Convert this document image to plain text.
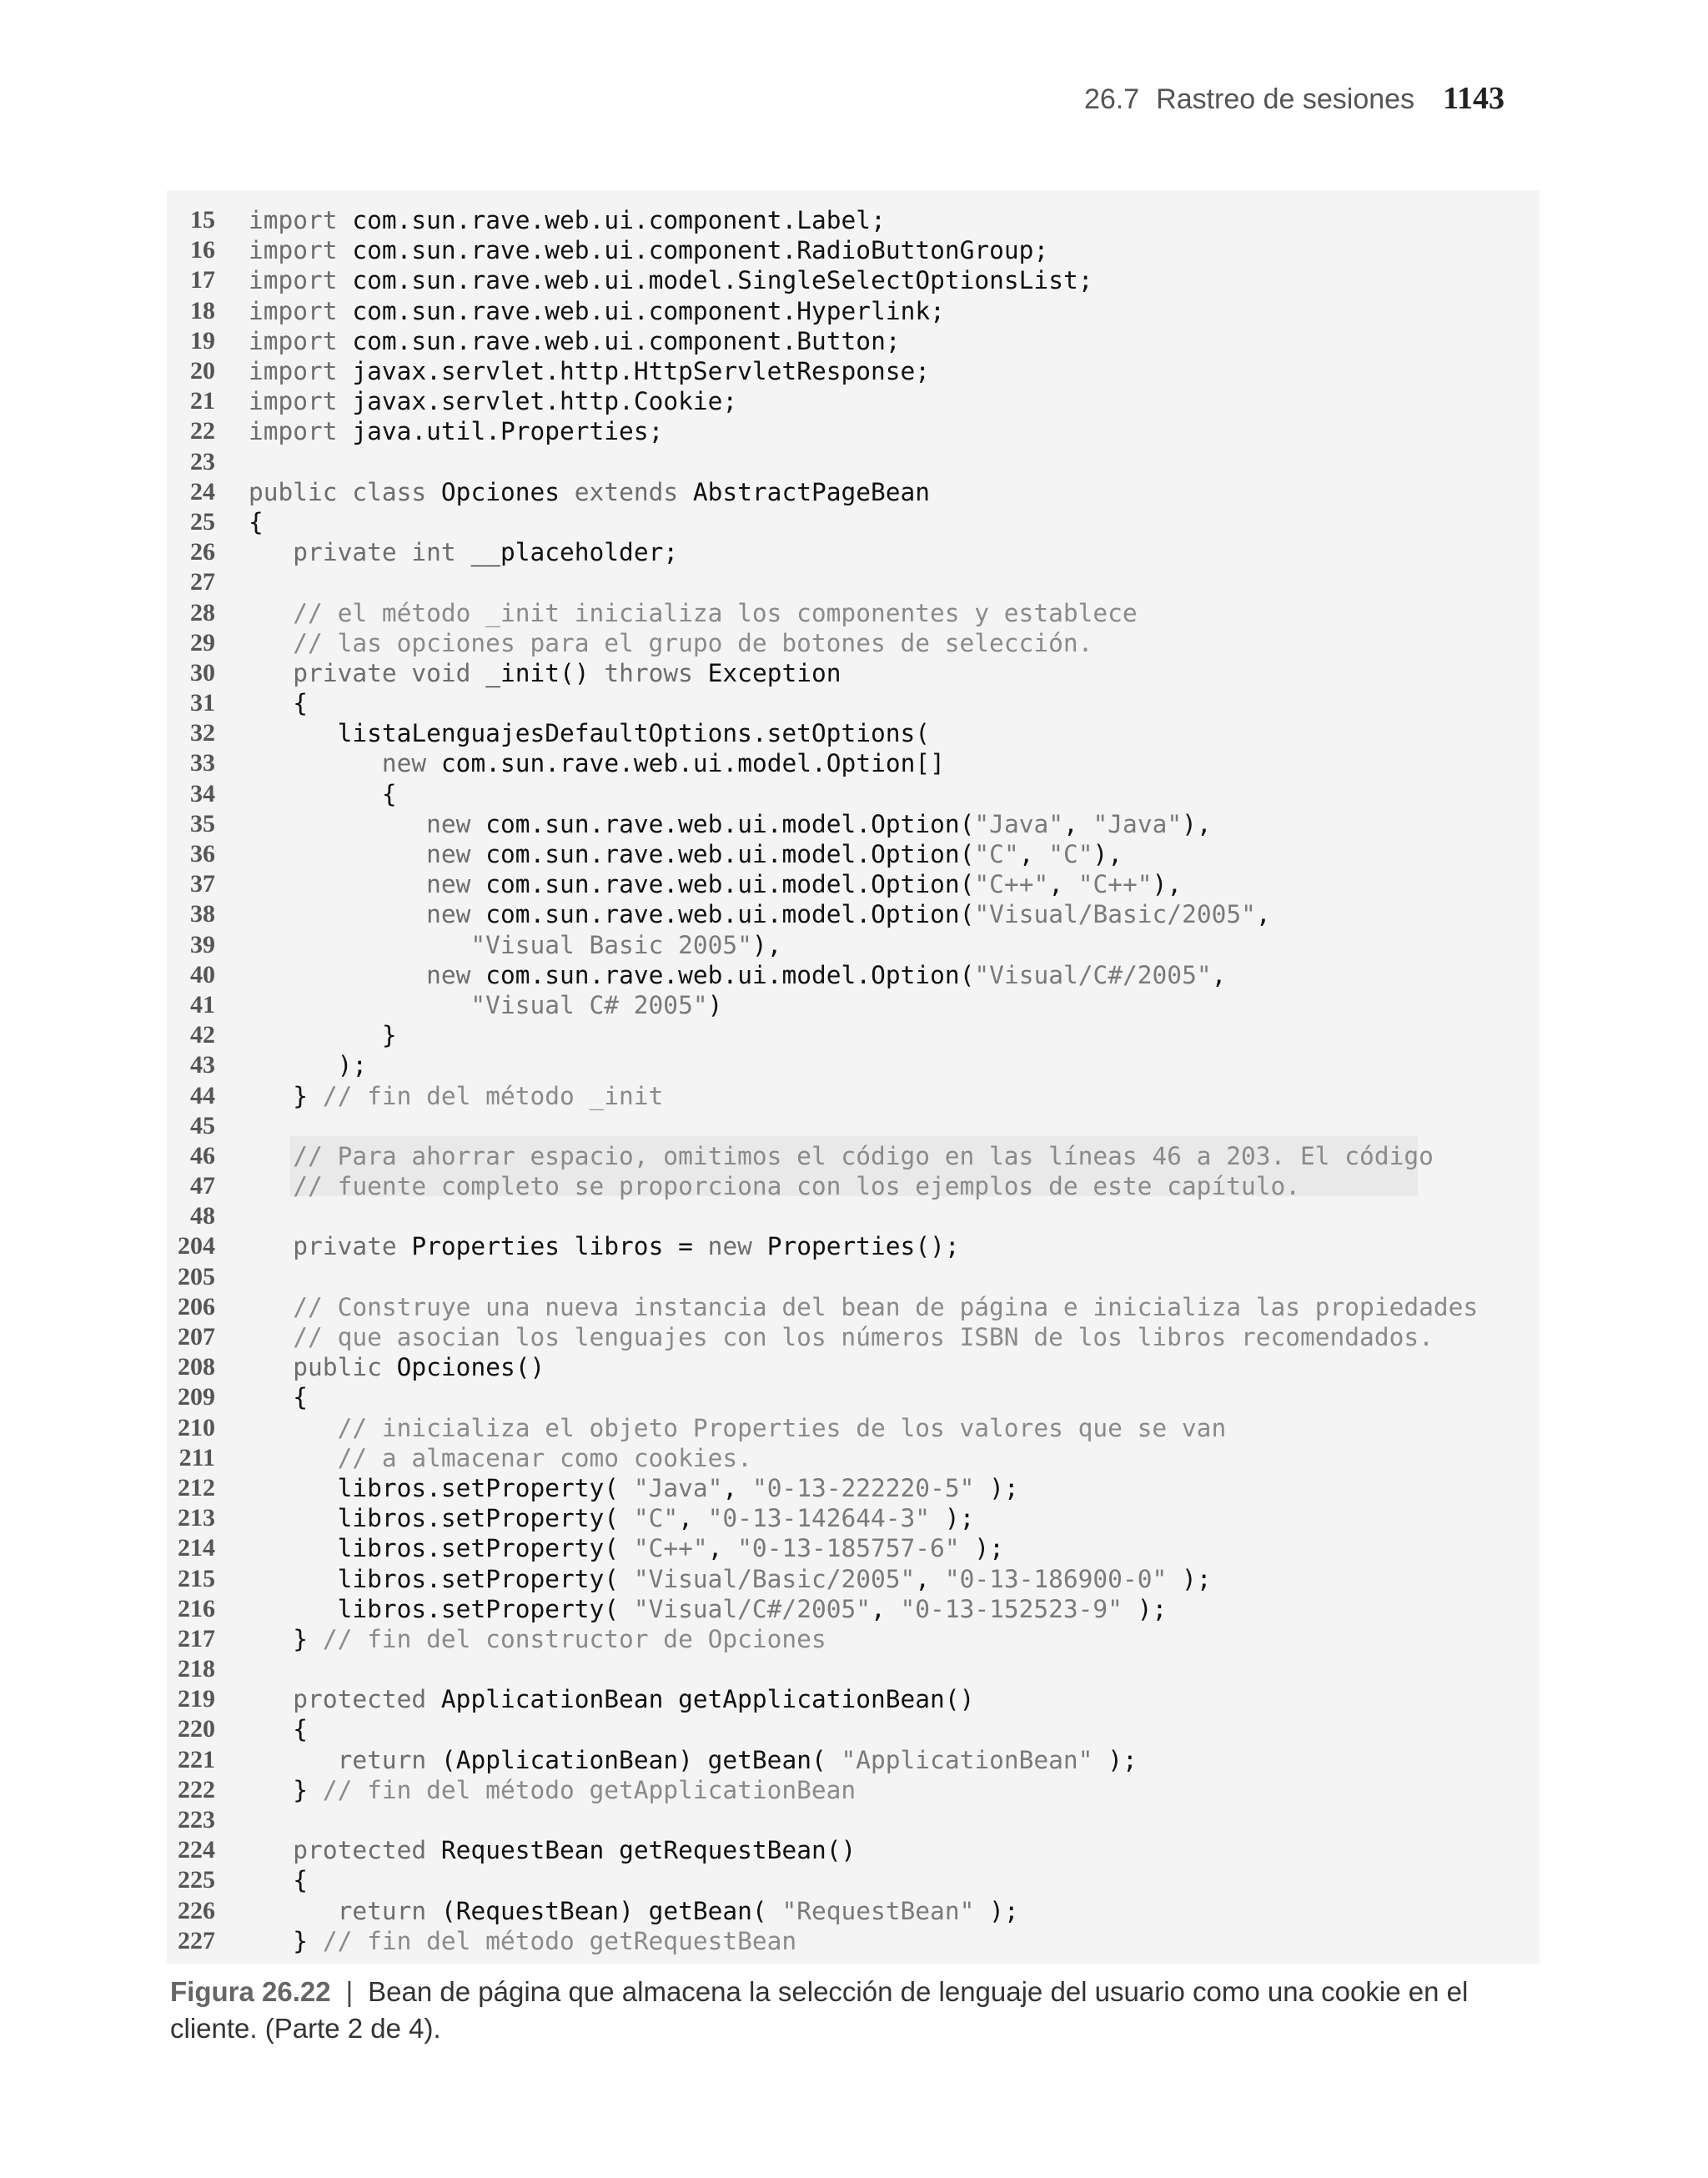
26.7 Rastreo de sesiones 1143
15 import com.sun.rave.web.ui.component.Label;
16 import com.sun.rave.web.ui.component.RadioButtonGroup;
17 import com.sun.rave.web.ui.model.SingleSelectOptionsList;
18 import com.sun.rave.web.ui.component.Hyperlink;
19 import com.sun.rave.web.ui.component.Button;
20 import javax.servlet.http.HttpServletResponse;
21 import javax.servlet.http.Cookie;
22 import java.util.Properties;
23
24 public class Opciones extends AbstractPageBean
25 {
26	private int __placeholder;
27
28	// el método _init inicializa los componentes y establece
29	// las opciones para el grupo de botones de selección.
30	private void _init() throws Exception
31 {
32	listaLenguajesDefaultOptions.setOptions(
33	new com.sun.rave.web.ui.model.Option[]
34 {
35	new com.sun.rave.web.ui.model.Option("Java", "Java"),
36	new com.sun.rave.web.ui.model.Option("C", "C"),
37	new com.sun.rave.web.ui.model.Option("C++", "C++"),
38	new com.sun.rave.web.ui.model.Option("Visual/Basic/2005",
39	"Visual Basic 2005"),
40	new com.sun.rave.web.ui.model.Option("Visual/C#/2005",
41	"Visual C# 2005")
42 }
43 );
44 } // fin del método _init
45
46	// Para ahorrar espacio, omitimos el código en las líneas 46 a 203. El código
47	// fuente completo se proporciona con los ejemplos de este capítulo.
48
204	private Properties libros = new Properties();
205
206	// Construye una nueva instancia del bean de página e inicializa las propiedades
207	// que asocian los lenguajes con los números ISBN de los libros recomendados.
208	public Opciones()
209 {
210	// inicializa el objeto Properties de los valores que se van
211	// a almacenar como cookies.
212	libros.setProperty( "Java", "0-13-222220-5" );
213	libros.setProperty( "C", "0-13-142644-3" );
214	libros.setProperty( "C++", "0-13-185757-6" );
215	libros.setProperty( "Visual/Basic/2005", "0-13-186900-0" );
216	libros.setProperty( "Visual/C#/2005", "0-13-152523-9" );
217 } // fin del constructor de Opciones
218
219	protected ApplicationBean getApplicationBean()
220 {
221	return (ApplicationBean) getBean( "ApplicationBean" );
222 } // fin del método getApplicationBean
223
224	protected RequestBean getRequestBean()
225 {
226	return (RequestBean) getBean( "RequestBean" );
227 } // fin del método getRequestBean
Figura 26.22 | Bean de página que almacena la selección de lenguaje del usuario como una cookie en el cliente. (Parte 2 de 4).
